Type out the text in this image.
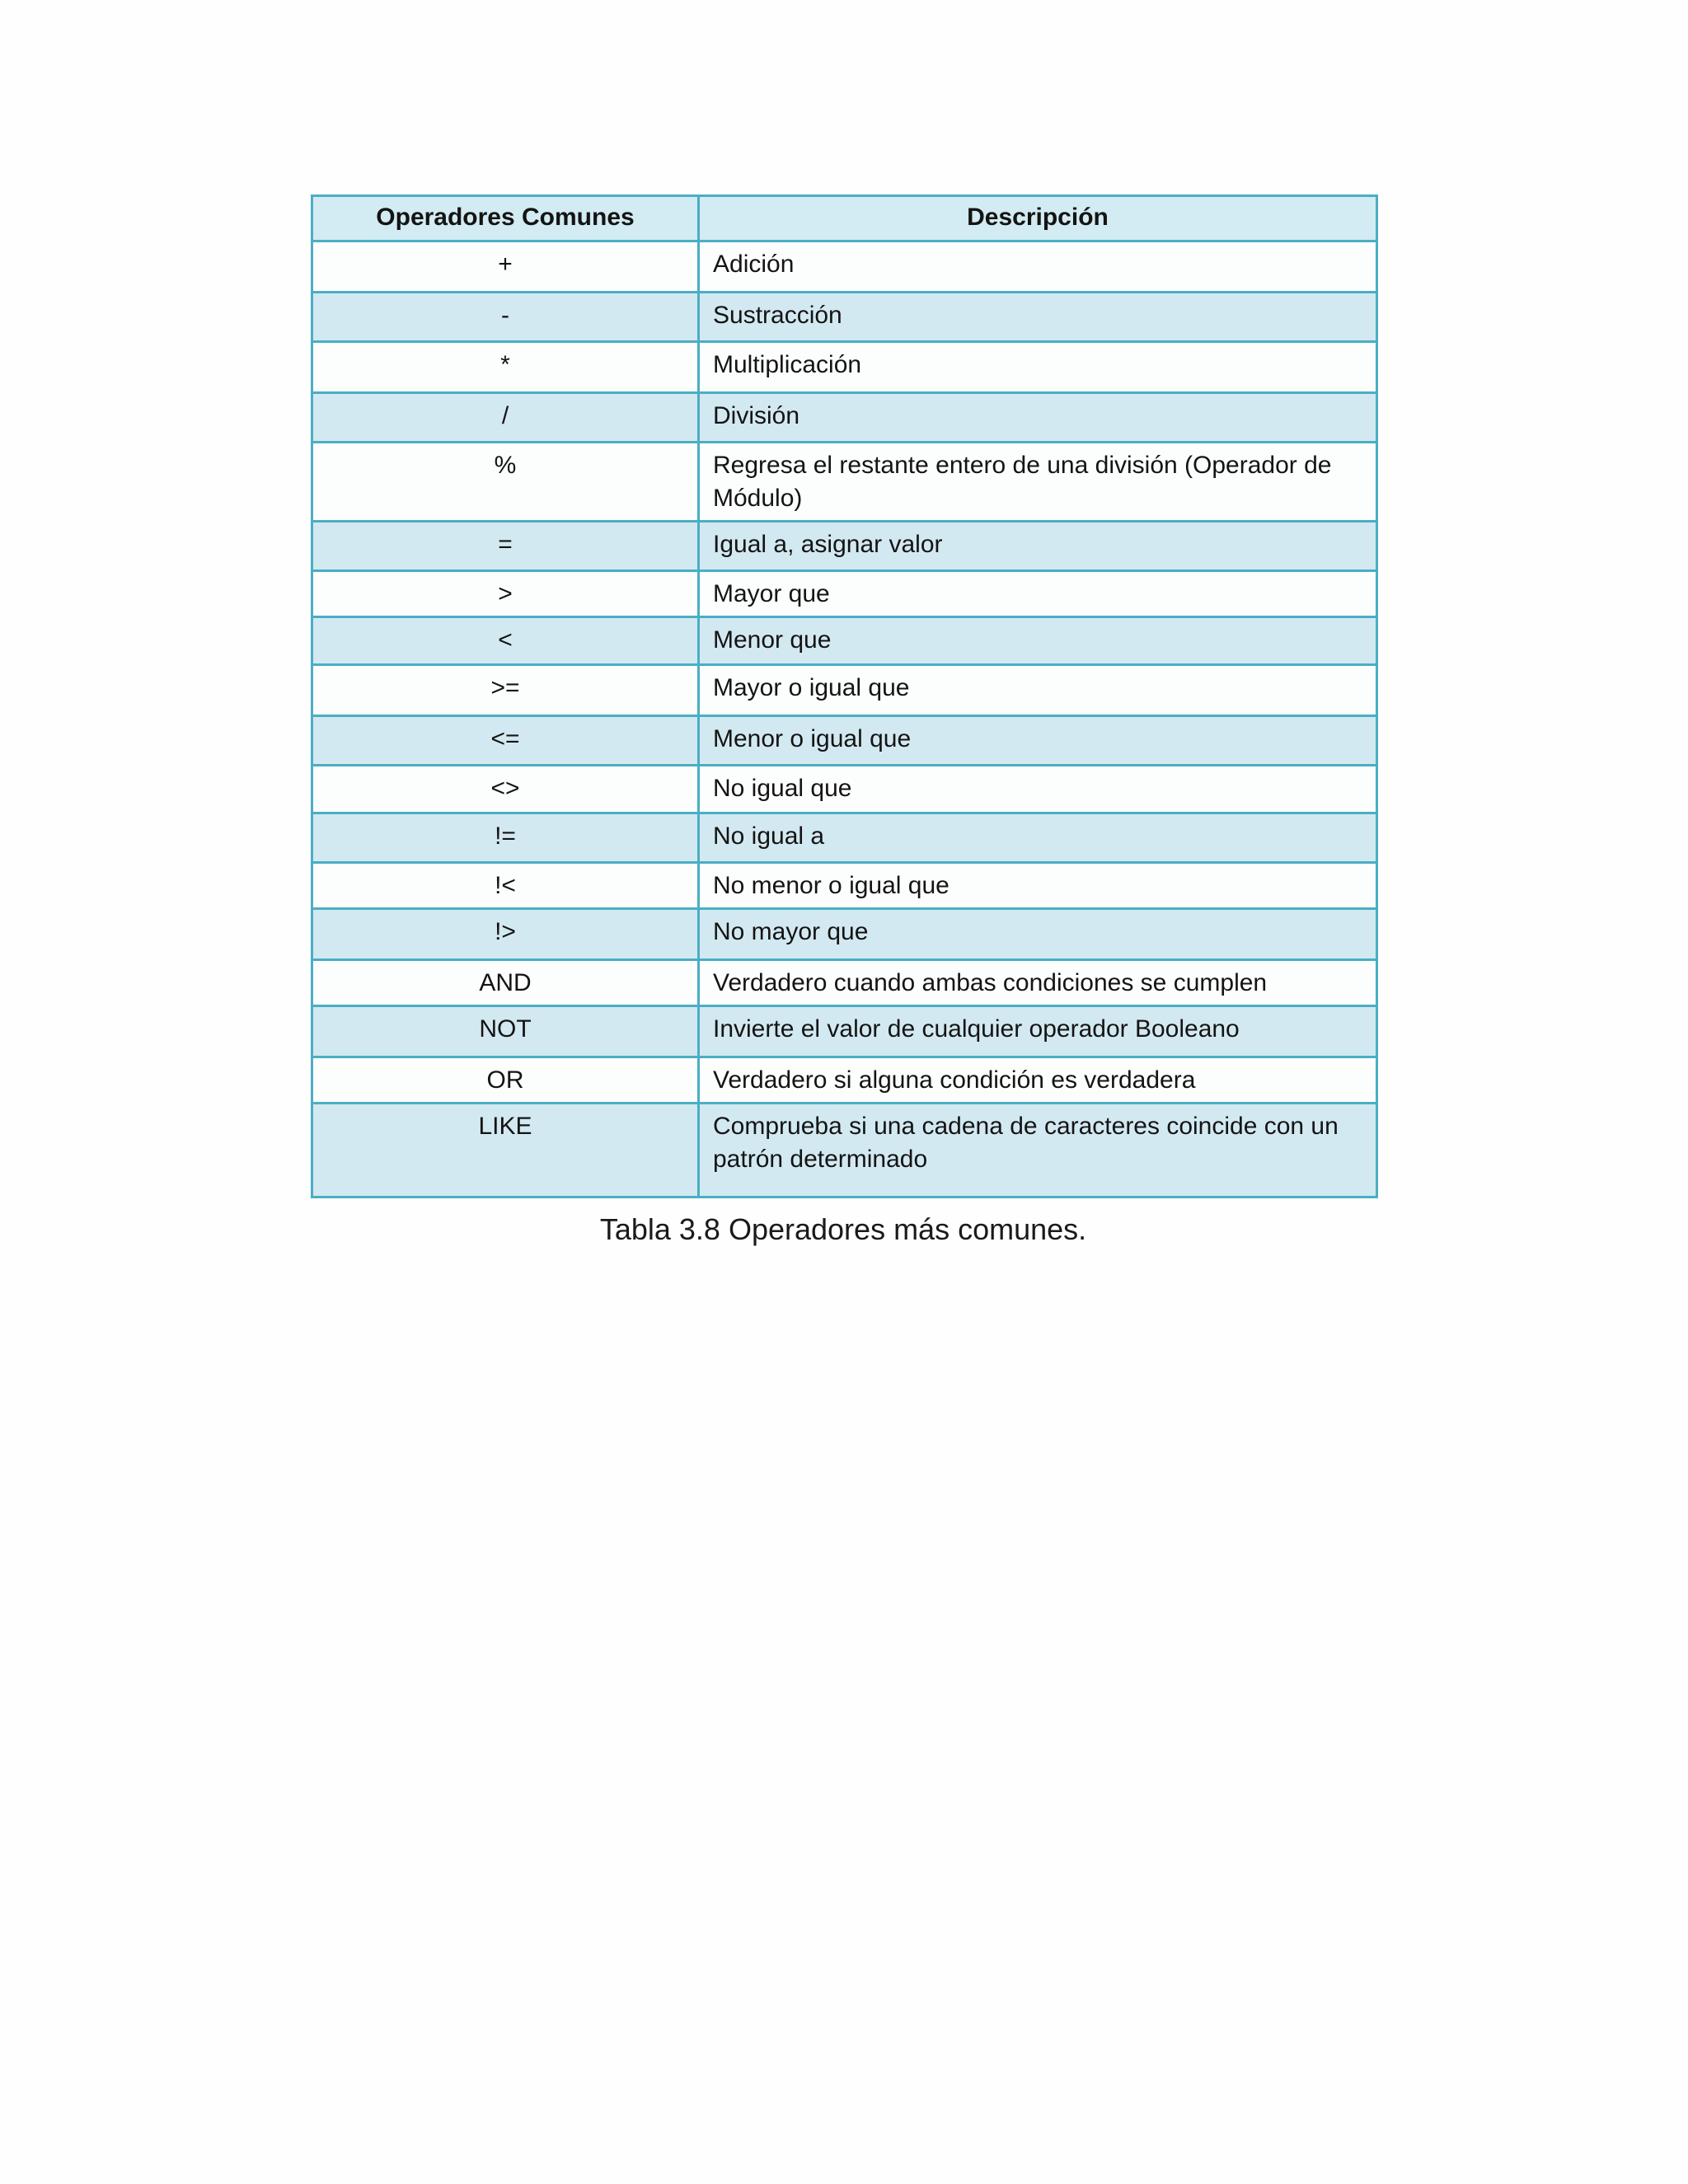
Operadores Comunes	Descripción
+	Adición
-	Sustracción
*	Multiplicación
/	División
%	Regresa el restante entero de una división (Operador de Módulo)
=	Igual a, asignar valor
>	Mayor que
<	Menor que
>=	Mayor o igual que
<=	Menor o igual que
<>	No igual que
!=	No igual a
!<	No menor o igual que
!>	No mayor que
AND	Verdadero cuando ambas condiciones se cumplen
NOT	Invierte el valor de cualquier operador Booleano
OR	Verdadero si alguna condición es verdadera
LIKE	Comprueba si una cadena de caracteres coincide con un patrón determinado
Tabla 3.8 Operadores más comunes.
